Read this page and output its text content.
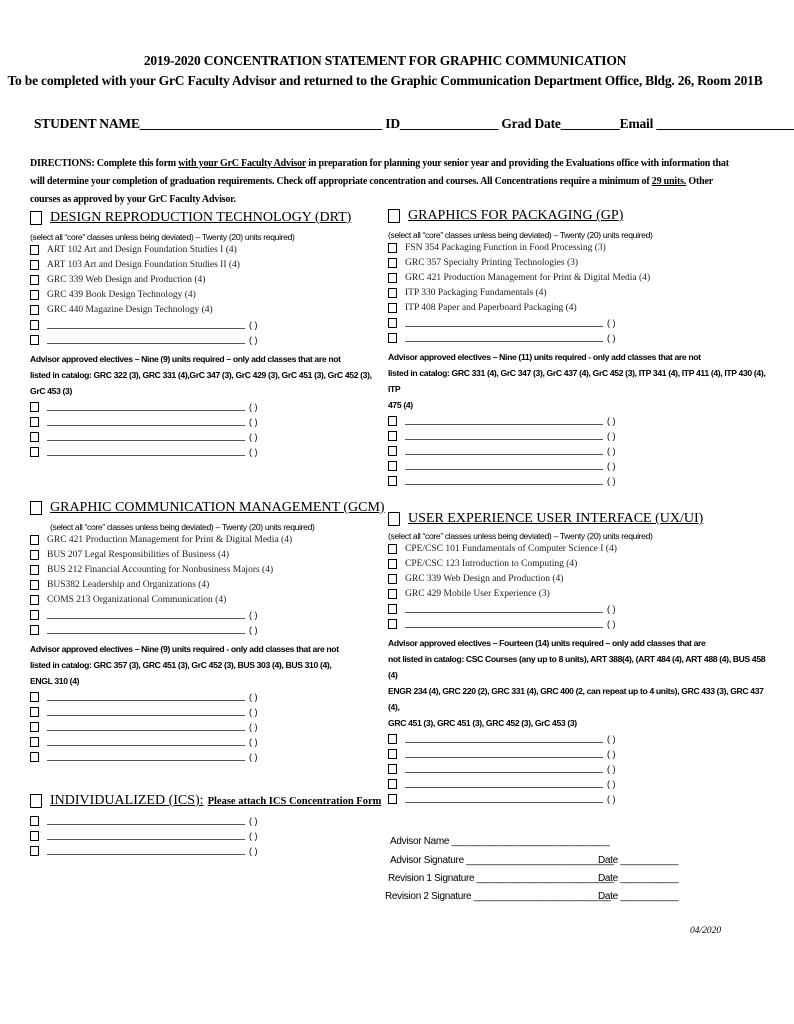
2019-2020 CONCENTRATION STATEMENT FOR GRAPHIC COMMUNICATION
To be completed with your GrC Faculty Advisor and returned to the Graphic Communication Department Office, Bldg. 26, Room 201B
STUDENT NAME_____________________________________ ID_______________ Grad Date_________Email _____________________
DIRECTIONS: Complete this form with your GrC Faculty Advisor in preparation for planning your senior year and providing the Evaluations office with information that will determine your completion of graduation requirements. Check off appropriate concentration and courses. All Concentrations require a minimum of 29 units. Other courses as approved by your GrC Faculty Advisor.
DESIGN REPRODUCTION TECHNOLOGY (DRT)
(select all “core” classes unless being deviated) – Twenty (20) units required)
ART 102 Art and Design Foundation Studies I (4)
ART 103 Art and Design Foundation Studies II (4)
GRC 339 Web Design and Production (4)
GRC 439 Book Design Technology (4)
GRC 440 Magazine Design Technology (4)
( )
( )
Advisor approved electives – Nine (9) units required – only add classes that are not
listed in catalog: GRC 322 (3), GRC 331 (4),GrC 347 (3), GrC 429 (3), GrC 451 (3), GrC 452 (3),
GrC 453 (3)
( )
( )
( )
( )
GRAPHICS FOR PACKAGING (GP)
(select all “core” classes unless being deviated) – Twenty (20) units required)
FSN 354 Packaging Function in Food Processing (3)
GRC 357 Specialty Printing Technologies (3)
GRC 421 Production Management for Print & Digital Media (4)
ITP 330 Packaging Fundamentals (4)
ITP 408 Paper and Paperboard Packaging (4)
( )
( )
Advisor approved electives – Nine (11) units required - only add classes that are not
listed in catalog: GRC 331 (4), GrC 347 (3), GrC 437 (4), GrC 452 (3), ITP 341 (4), ITP 411 (4), ITP 430 (4), ITP
475 (4)
( )
( )
( )
( )
( )
GRAPHIC COMMUNICATION MANAGEMENT (GCM)
(select all “core” classes unless being deviated) – Twenty (20) units required)
GRC 421 Production Management for Print & Digital Media (4)
BUS 207 Legal Responsibilities of Business (4)
BUS 212 Financial Accounting for Nonbusiness Majors (4)
BUS382 Leadership and Organizations (4)
COMS 213 Organizational Communication (4)
( )
( )
Advisor approved electives – Nine (9) units required - only add classes that are not
listed in catalog: GRC 357 (3), GRC 451 (3), GrC 452 (3), BUS 303 (4), BUS 310 (4),
ENGL 310 (4)
( )
( )
( )
( )
( )
USER EXPERIENCE USER INTERFACE (UX/UI)
(select all “core” classes unless being deviated) – Twenty (20) units required)
CPE/CSC 101 Fundamentals of Computer Science I (4)
CPE/CSC 123 Introduction to Computing (4)
GRC 339 Web Design and Production (4)
GRC 429 Mobile User Experience (3)
( )
( )
Advisor approved electives – Fourteen (14) units required – only add classes that are
not listed in catalog: CSC Courses (any up to 8 units), ART 388(4), (ART 484 (4), ART 488 (4), BUS 458 (4)
ENGR 234 (4), GRC 220 (2), GRC 331 (4), GRC 400 (2, can repeat up to 4 units), GRC 433 (3), GRC 437 (4),
GRC 451 (3), GRC 451 (3), GRC 452 (3), GrC 453 (3)
( )
( )
( )
( )
( )
INDIVIDUALIZED (ICS): Please attach ICS Concentration Form
( )
( )
( )
Advisor Name ______________________________
Advisor Signature ____________________________
Date ___________
Revision 1 Signature __________________________
Date ___________
Revision 2 Signature __________________________
Date ___________
04/2020
